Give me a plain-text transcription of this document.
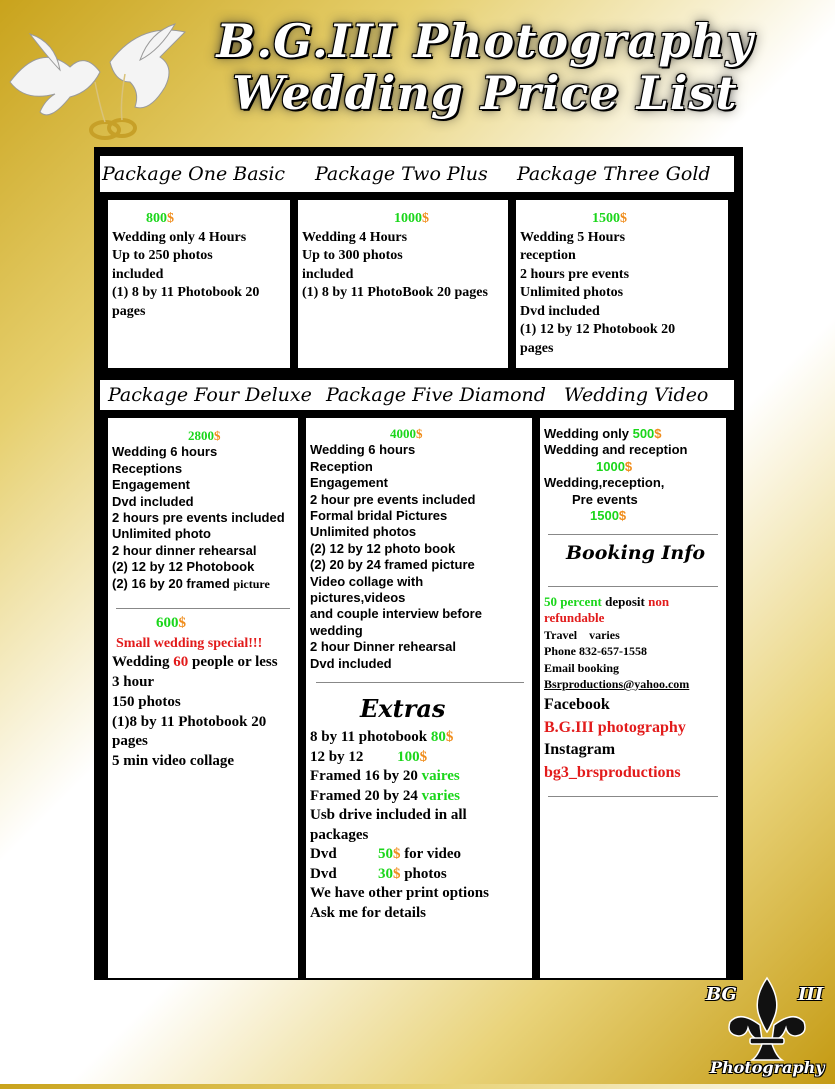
B.G.III Photography
Wedding Price List
Package One Basic Package Two Plus Package Three Gold

800$

Wedding only 4 Hours

Up to 250 photos

included

(1) 8 by 11 Photobook 20

pages

1000$

Wedding 4 Hours

Up to 300 photos

included

(1) 8 by 11 PhotoBook 20 pages

1500$

Wedding 5 Hours

reception

2 hours pre events

Unlimited photos

Dvd included

(1) 12 by 12 Photobook 20

pages

Package Four Deluxe Package Five Diamond Wedding Video

2800$

Wedding 6 hours

Receptions

Engagement

Dvd included

2 hours pre events included

Unlimited photo

2 hour dinner rehearsal

(2) 12 by 12 Photobook

(2) 16 by 20 framed picture

600$

Small wedding special!!!

Wedding 60 people or less

3 hour

150 photos

(1)8 by 11 Photobook 20

pages

5 min video collage

4000$

Wedding 6 hours

Reception

Engagement

2 hour pre events included

Formal bridal Pictures

Unlimited photos

(2) 12 by 12 photo book

(2) 20 by 24 framed picture

Video collage with

pictures,videos

and couple interview before

wedding

2 hour Dinner rehearsal

Dvd included

Extras

8 by 11 photobook 80$

12 by 12         100$

Framed 16 by 20 vaires

Framed 20 by 24 varies

Usb drive included in all

packages

Dvd           50$ for video

Dvd           30$ photos

We have other print options

Ask me for details

Wedding only 500$

Wedding and reception

1000$

Wedding,reception,

Pre events

1500$

Booking Info

50 percent deposit non

refundable

Travel    varies

Phone 832-657-1558

Email booking

Bsrproductions@yahoo.com

Facebook

B.G.III photography

Instagram

bg3_brsproductions

BG	III
Photography
